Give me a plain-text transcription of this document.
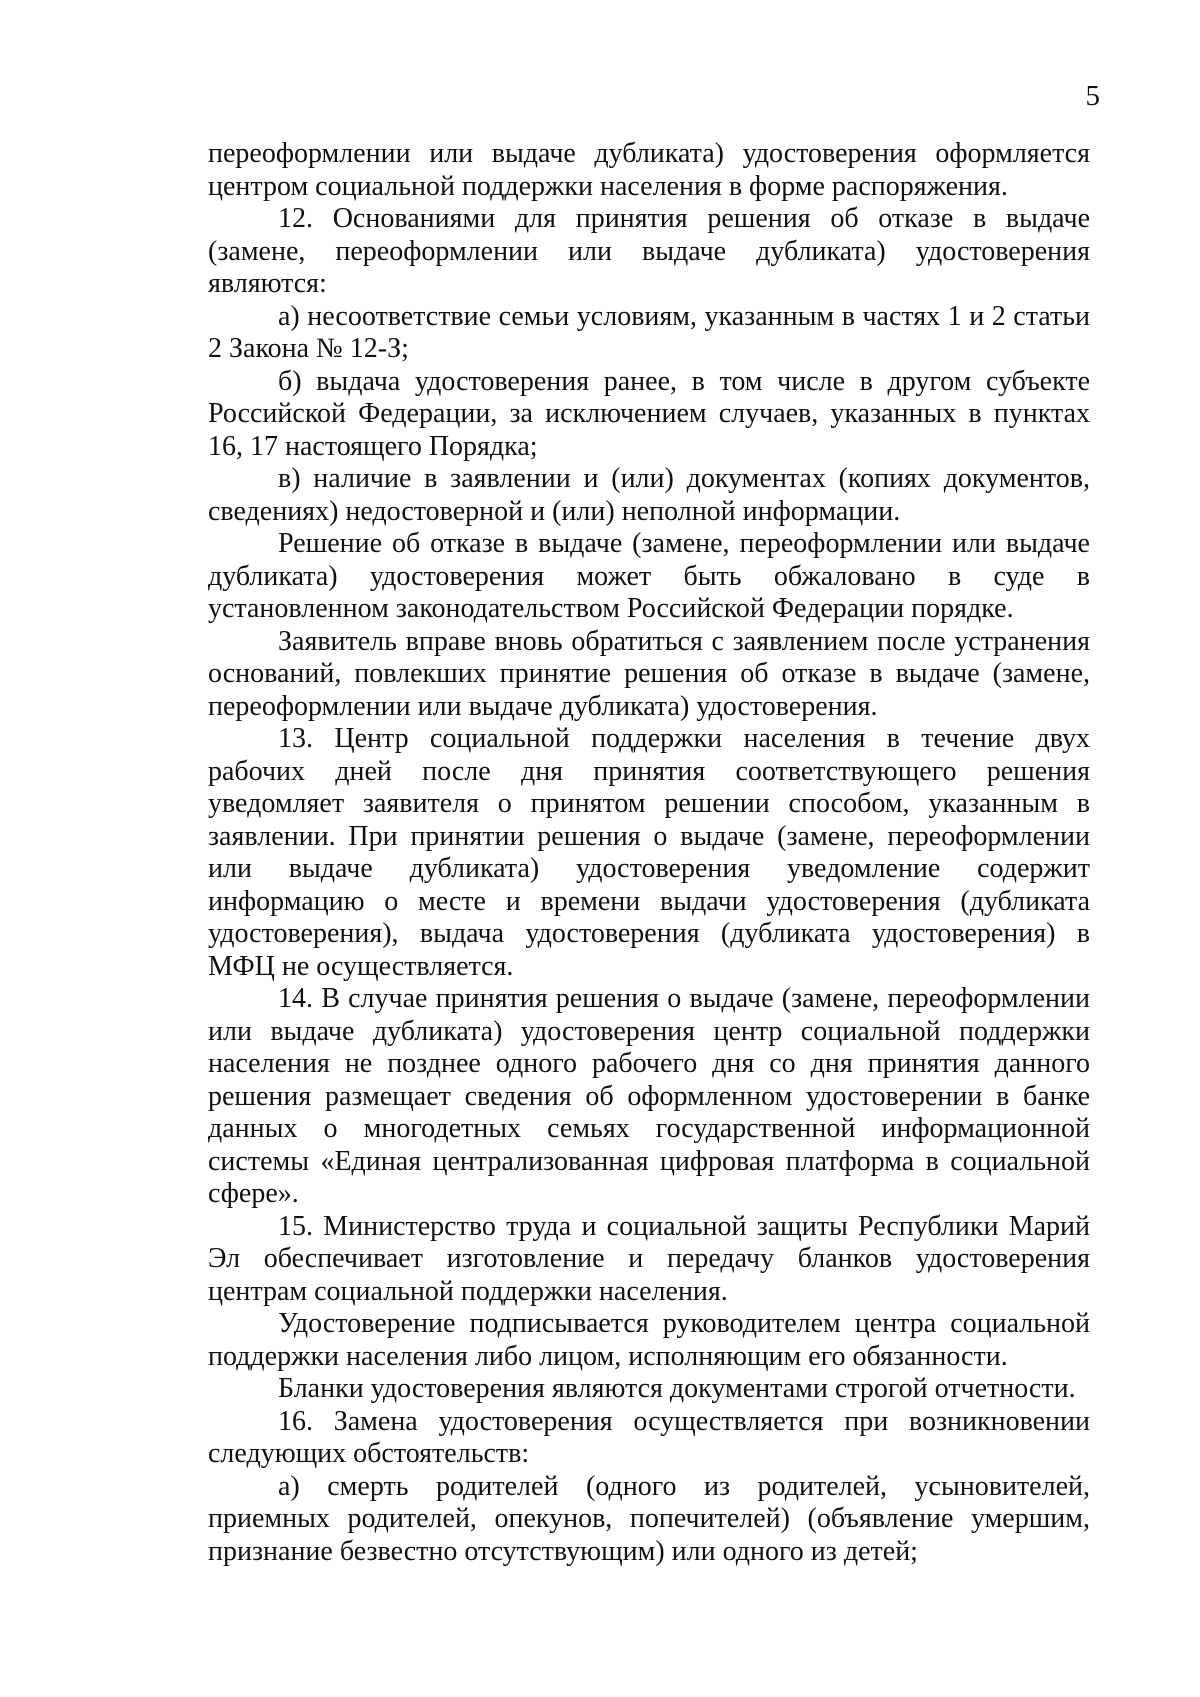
5

переоформлении или выдаче дубликата) удостоверения оформляется центром социальной поддержки населения в форме распоряжения.

12. Основаниями для принятия решения об отказе в выдаче (замене, переоформлении или выдаче дубликата) удостоверения являются:

а) несоответствие семьи условиям, указанным в частях 1 и 2 статьи 2 Закона № 12-З;

б) выдача удостоверения ранее, в том числе в другом субъекте Российской Федерации, за исключением случаев, указанных в пунктах 16, 17 настоящего Порядка;

в) наличие в заявлении и (или) документах (копиях документов, сведениях) недостоверной и (или) неполной информации.

Решение об отказе в выдаче (замене, переоформлении или выдаче дубликата) удостоверения может быть обжаловано в суде в установленном законодательством Российской Федерации порядке.

Заявитель вправе вновь обратиться с заявлением после устранения оснований, повлекших принятие решения об отказе в выдаче (замене, переоформлении или выдаче дубликата) удостоверения.

13. Центр социальной поддержки населения в течение двух рабочих дней после дня принятия соответствующего решения уведомляет заявителя о принятом решении способом, указанным в заявлении. При принятии решения о выдаче (замене, переоформлении или выдаче дубликата) удостоверения уведомление содержит информацию о месте и времени выдачи удостоверения (дубликата удостоверения), выдача удостоверения (дубликата удостоверения) в МФЦ не осуществляется.

14. В случае принятия решения о выдаче (замене, переоформлении или выдаче дубликата) удостоверения центр социальной поддержки населения не позднее одного рабочего дня со дня принятия данного решения размещает сведения об оформленном удостоверении в банке данных о многодетных семьях государственной информационной системы «Единая централизованная цифровая платформа в социальной сфере».

15. Министерство труда и социальной защиты Республики Марий Эл обеспечивает изготовление и передачу бланков удостоверения центрам социальной поддержки населения.

Удостоверение подписывается руководителем центра социальной поддержки населения либо лицом, исполняющим его обязанности.

Бланки удостоверения являются документами строгой отчетности.

16. Замена удостоверения осуществляется при возникновении следующих обстоятельств:

а) смерть родителей (одного из родителей, усыновителей, приемных родителей, опекунов, попечителей) (объявление умершим, признание безвестно отсутствующим) или одного из детей;
